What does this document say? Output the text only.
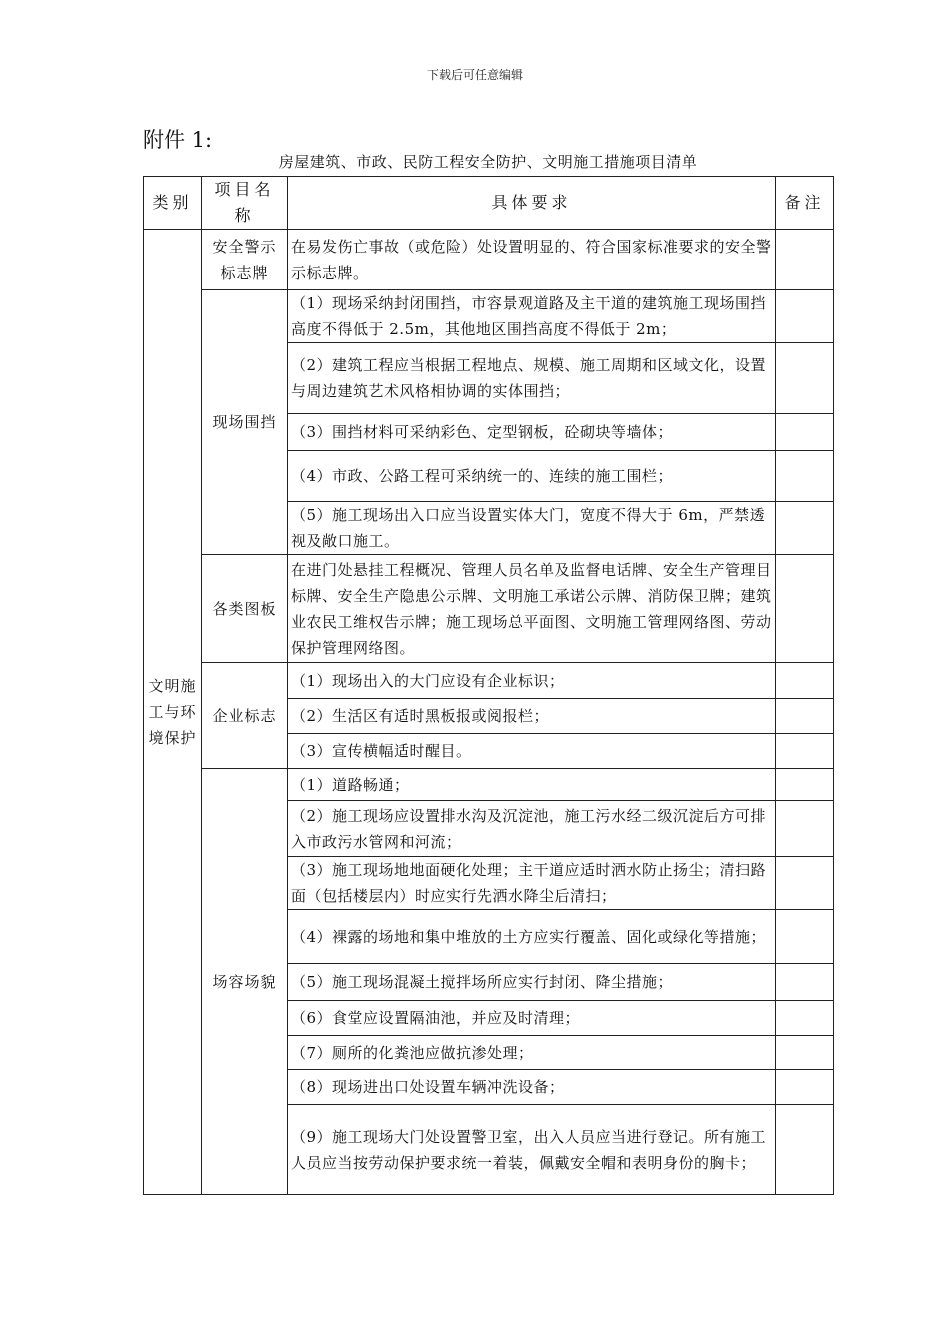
下载后可任意编辑
附件 1:
房屋建筑、市政、民防工程安全防护、文明施工措施项目清单
类别	项目名称	具体要求	备注
文明施工与环境保护	安全警示标志牌	在易发伤亡事故（或危险）处设置明显的、符合国家标准要求的安全警示标志牌。	
	现场围挡	（1）现场采纳封闭围挡，市容景观道路及主干道的建筑施工现场围挡高度不得低于 2.5m，其他地区围挡高度不得低于 2m；	
		（2）建筑工程应当根据工程地点、规模、施工周期和区域文化，设置与周边建筑艺术风格相协调的实体围挡；	
		（3）围挡材料可采纳彩色、定型钢板，砼砌块等墙体；	
		（4）市政、公路工程可采纳统一的、连续的施工围栏；	
		（5）施工现场出入口应当设置实体大门，宽度不得大于 6m，严禁透视及敞口施工。	
	各类图板	在进门处悬挂工程概况、管理人员名单及监督电话牌、安全生产管理目标牌、安全生产隐患公示牌、文明施工承诺公示牌、消防保卫牌；建筑业农民工维权告示牌；施工现场总平面图、文明施工管理网络图、劳动保护管理网络图。	
	企业标志	（1）现场出入的大门应设有企业标识；	
		（2）生活区有适时黑板报或阅报栏；	
		（3）宣传横幅适时醒目。	
	场容场貌	（1）道路畅通；	
		（2）施工现场应设置排水沟及沉淀池，施工污水经二级沉淀后方可排入市政污水管网和河流；	
		（3）施工现场地地面硬化处理；主干道应适时洒水防止扬尘；清扫路面（包括楼层内）时应实行先洒水降尘后清扫；	
		（4）裸露的场地和集中堆放的土方应实行覆盖、固化或绿化等措施；	
		（5）施工现场混凝土搅拌场所应实行封闭、降尘措施；	
		（6）食堂应设置隔油池，并应及时清理；	
		（7）厕所的化粪池应做抗渗处理；	
		（8）现场进出口处设置车辆冲洗设备；	
		（9）施工现场大门处设置警卫室，出入人员应当进行登记。所有施工人员应当按劳动保护要求统一着装，佩戴安全帽和表明身份的胸卡；	
